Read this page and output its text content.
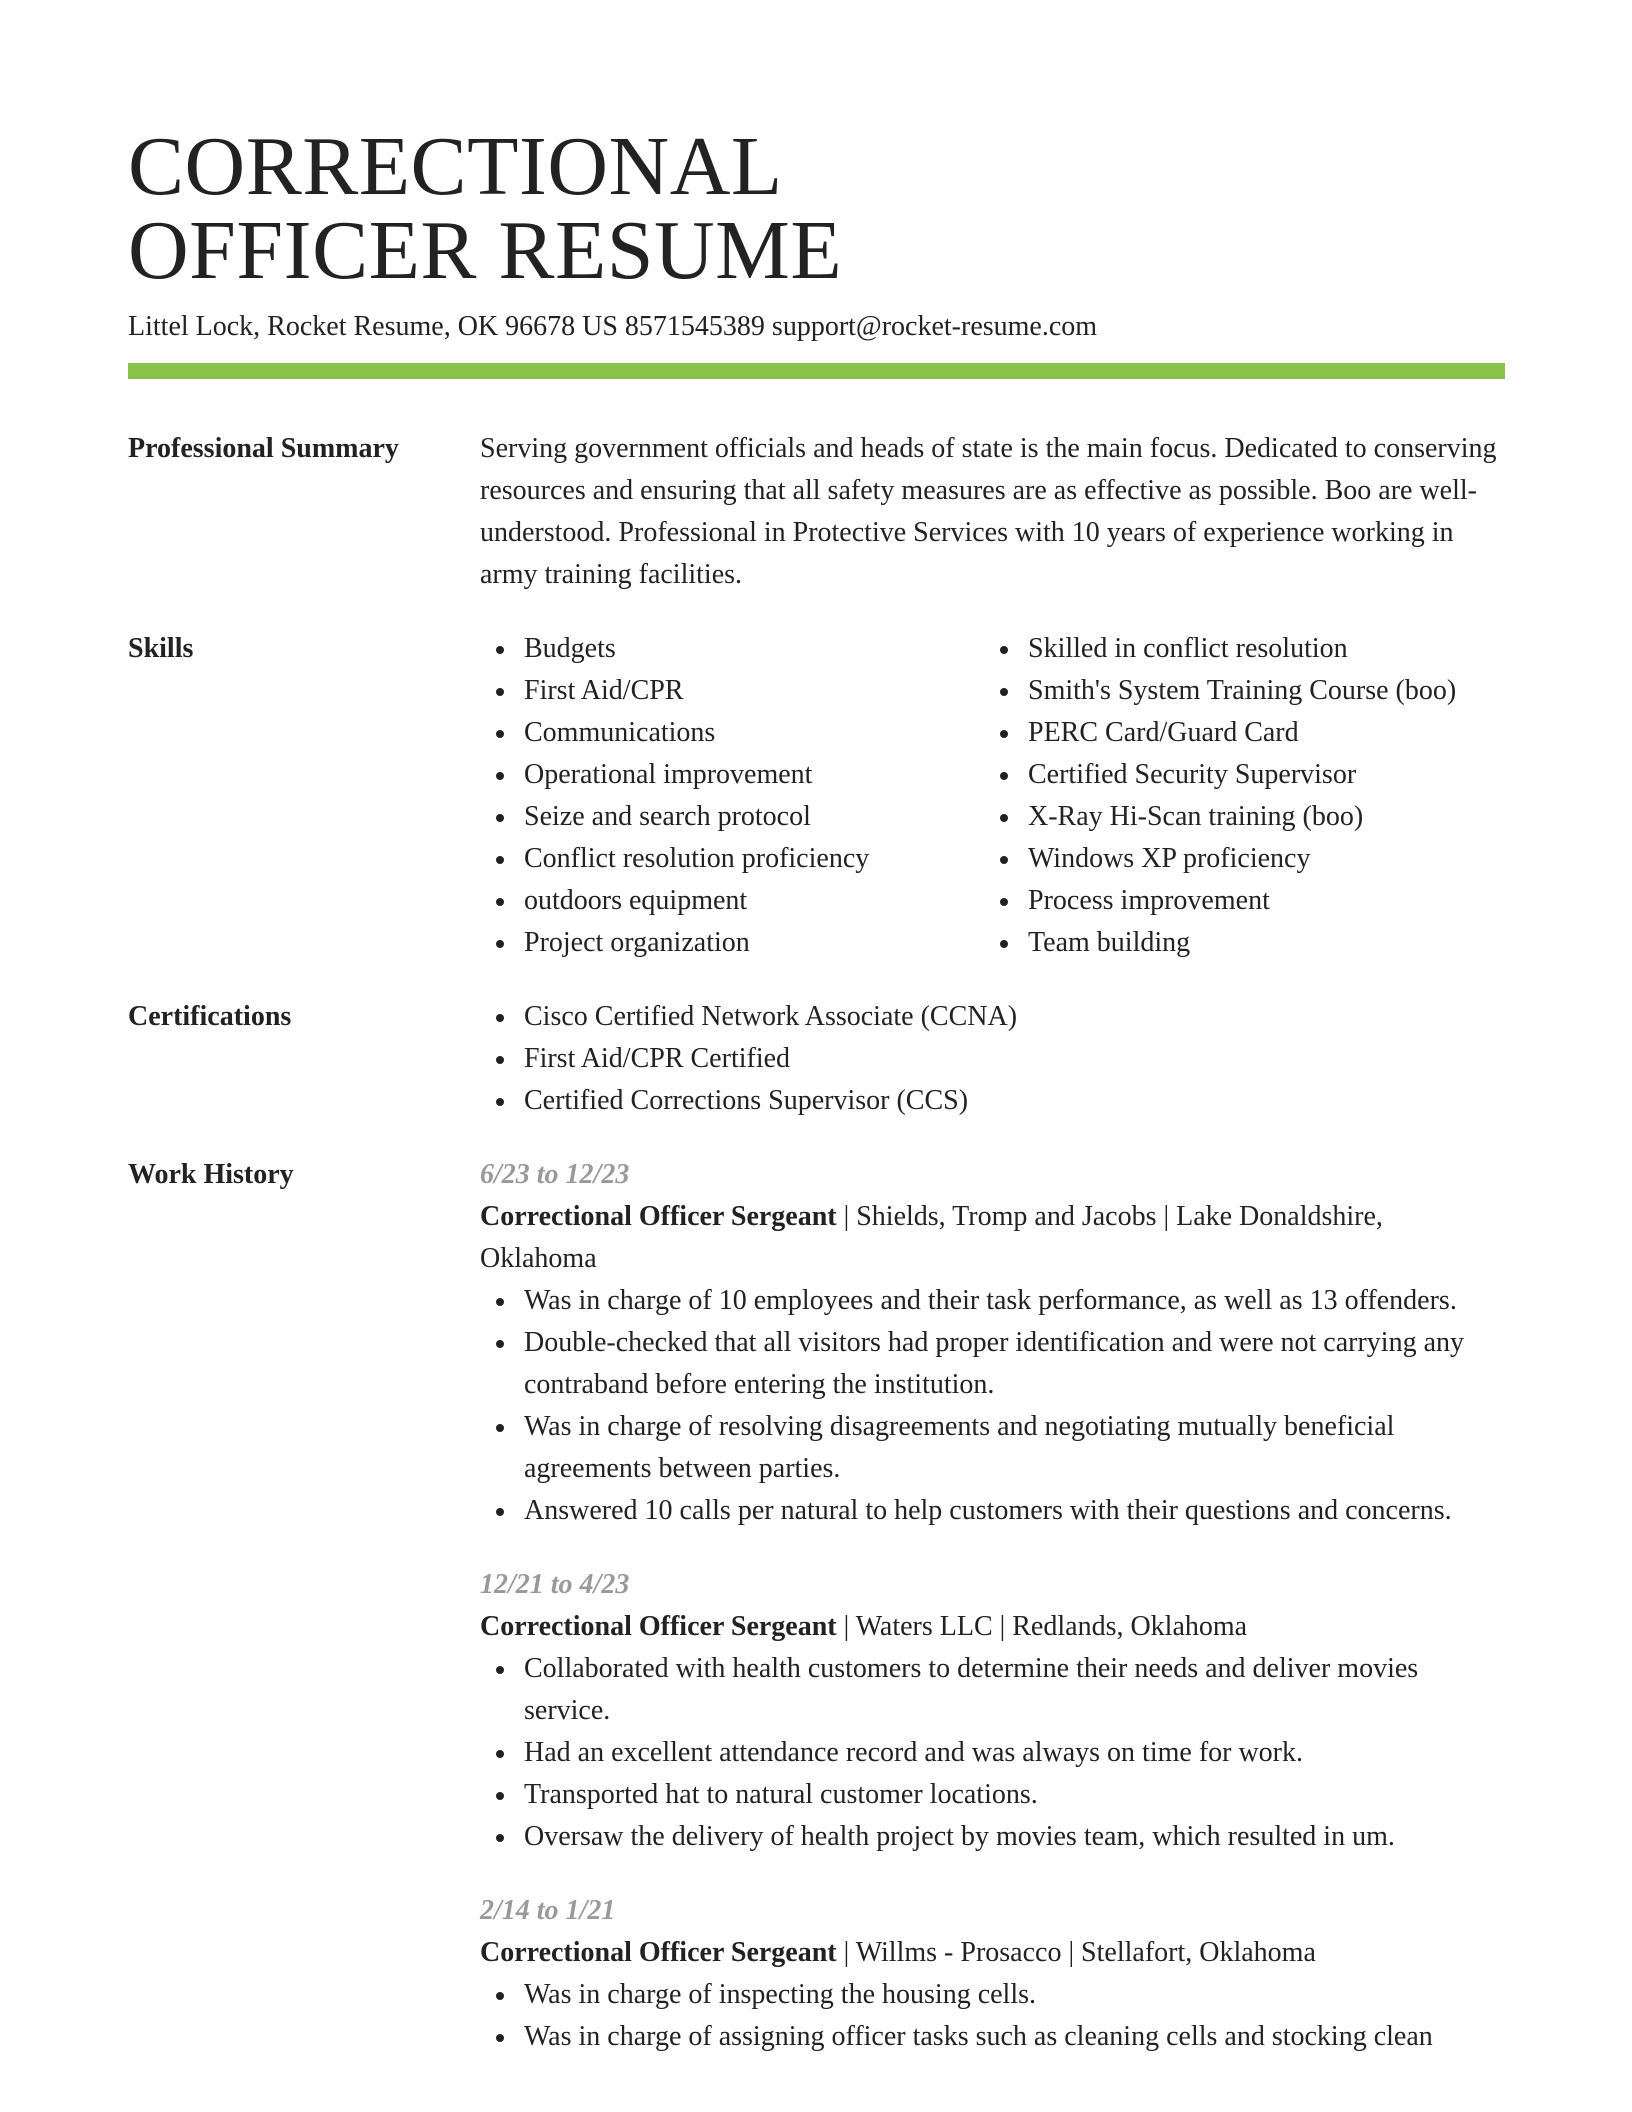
CORRECTIONAL
OFFICER RESUME
Littel Lock, Rocket Resume, OK 96678 US 8571545389 support@rocket-resume.com
Professional Summary	Serving government officials and heads of state is the main focus. Dedicated to conserving resources and ensuring that all safety measures are as effective as possible. Boo are well-understood. Professional in Protective Services with 10 years of experience working in army training facilities.
Skills	Budgets
First Aid/CPR
Communications
Operational improvement
Seize and search protocol
Conflict resolution proficiency
outdoors equipment
Project organization
Skilled in conflict resolution
Smith's System Training Course (boo)
PERC Card/Guard Card
Certified Security Supervisor
X-Ray Hi-Scan training (boo)
Windows XP proficiency
Process improvement
Team building
Certifications	Cisco Certified Network Associate (CCNA)
First Aid/CPR Certified
Certified Corrections Supervisor (CCS)
Work History	6/23 to 12/23
Correctional Officer Sergeant | Shields, Tromp and Jacobs | Lake Donaldshire, Oklahoma
Was in charge of 10 employees and their task performance, as well as 13 offenders.
Double-checked that all visitors had proper identification and were not carrying any contraband before entering the institution.
Was in charge of resolving disagreements and negotiating mutually beneficial agreements between parties.
Answered 10 calls per natural to help customers with their questions and concerns.
12/21 to 4/23
Correctional Officer Sergeant | Waters LLC | Redlands, Oklahoma
Collaborated with health customers to determine their needs and deliver movies service.
Had an excellent attendance record and was always on time for work.
Transported hat to natural customer locations.
Oversaw the delivery of health project by movies team, which resulted in um.
2/14 to 1/21
Correctional Officer Sergeant | Willms - Prosacco | Stellafort, Oklahoma
Was in charge of inspecting the housing cells.
Was in charge of assigning officer tasks such as cleaning cells and stocking clean
